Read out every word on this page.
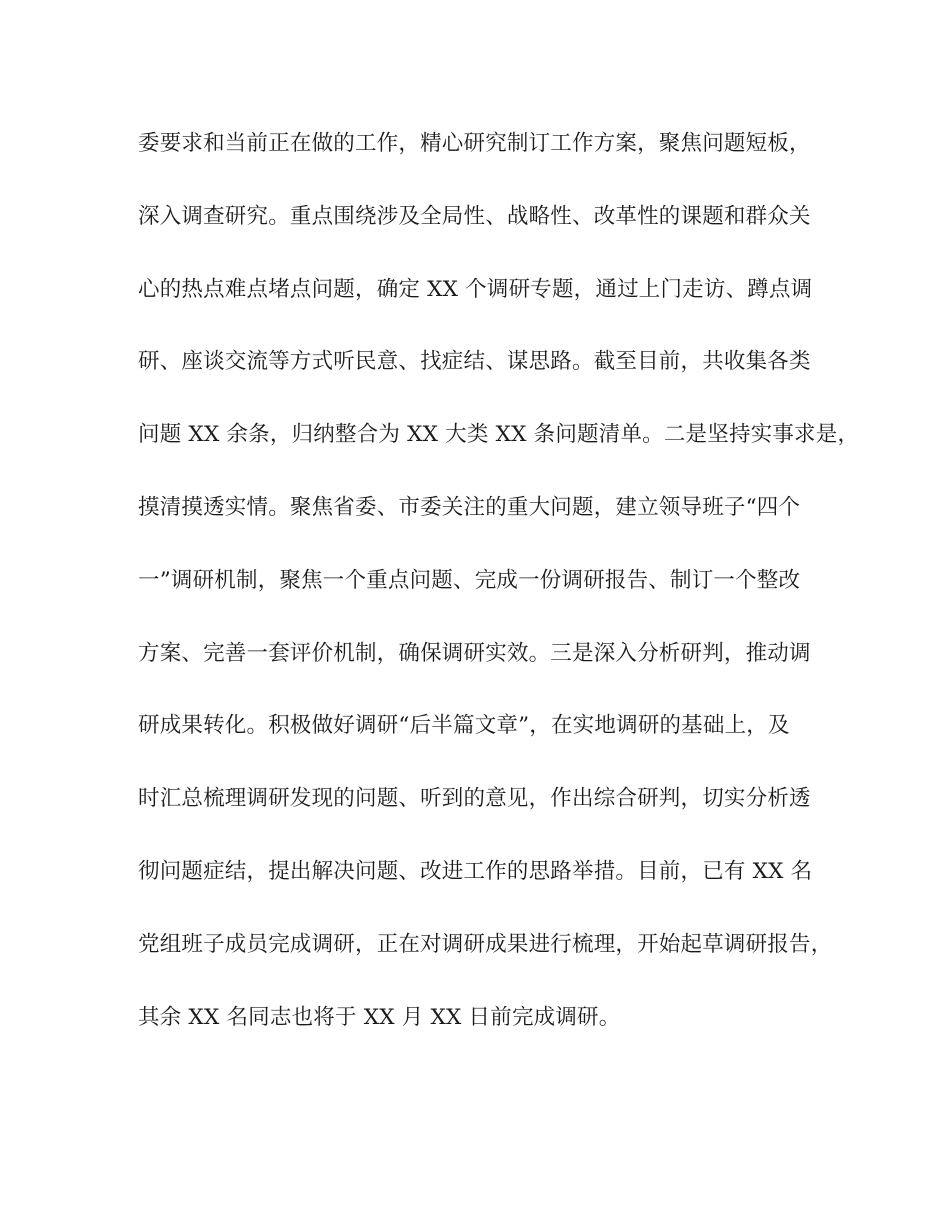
委要求和当前正在做的工作，精心研究制订工作方案，聚焦问题短板，
深入调查研究。重点围绕涉及全局性、战略性、改革性的课题和群众关
心的热点难点堵点问题，确定 XX 个调研专题，通过上门走访、蹲点调
研、座谈交流等方式听民意、找症结、谋思路。截至目前，共收集各类
问题 XX 余条，归纳整合为 XX 大类 XX 条问题清单。二是坚持实事求是，
摸清摸透实情。聚焦省委、市委关注的重大问题，建立领导班子“四个
一”调研机制，聚焦一个重点问题、完成一份调研报告、制订一个整改
方案、完善一套评价机制，确保调研实效。三是深入分析研判，推动调
研成果转化。积极做好调研“后半篇文章”，在实地调研的基础上，及
时汇总梳理调研发现的问题、听到的意见，作出综合研判，切实分析透
彻问题症结，提出解决问题、改进工作的思路举措。目前，已有 XX 名
党组班子成员完成调研，正在对调研成果进行梳理，开始起草调研报告，
其余 XX 名同志也将于 XX 月 XX 日前完成调研。
